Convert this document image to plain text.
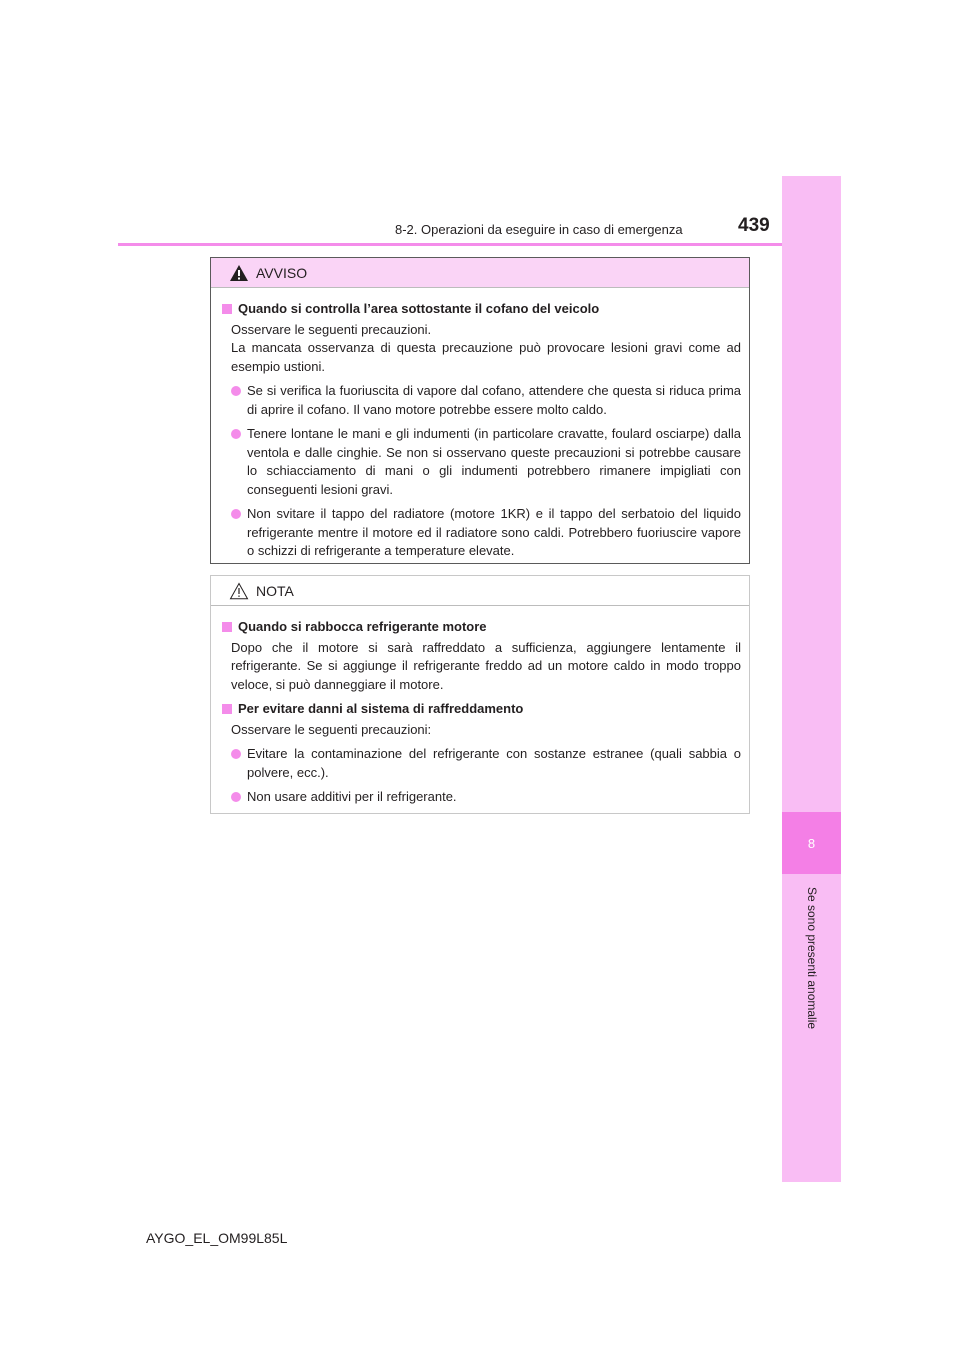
8
Se sono presenti anomalie
8-2. Operazioni da eseguire in caso di emergenza	439
AVVISO
Quando si controlla l’area sottostante il cofano del veicolo
Osservare le seguenti precauzioni.
La mancata osservanza di questa precauzione può provocare lesioni gravi come ad esempio ustioni.
Se si verifica la fuoriuscita di vapore dal cofano, attendere che questa si riduca prima di aprire il cofano. Il vano motore potrebbe essere molto caldo.
Tenere lontane le mani e gli indumenti (in particolare cravatte, foulard osciarpe) dalla ventola e dalle cinghie. Se non si osservano queste precauzioni si potrebbe causare lo schiacciamento di mani o gli indumenti potrebbero rimanere impigliati con conseguenti lesioni gravi.
Non svitare il tappo del radiatore (motore 1KR) e il tappo del serbatoio del liquido refrigerante mentre il motore ed il radiatore sono caldi. Potrebbero fuoriuscire vapore o schizzi di refrigerante a temperature elevate.
NOTA
Quando si rabbocca refrigerante motore
Dopo che il motore si sarà raffreddato a sufficienza, aggiungere lentamente il refrigerante. Se si aggiunge il refrigerante freddo ad un motore caldo in modo troppo veloce, si può danneggiare il motore.
Per evitare danni al sistema di raffreddamento
Osservare le seguenti precauzioni:
Evitare la contaminazione del refrigerante con sostanze estranee (quali sabbia o polvere, ecc.).
Non usare additivi per il refrigerante.
AYGO_EL_OM99L85L
